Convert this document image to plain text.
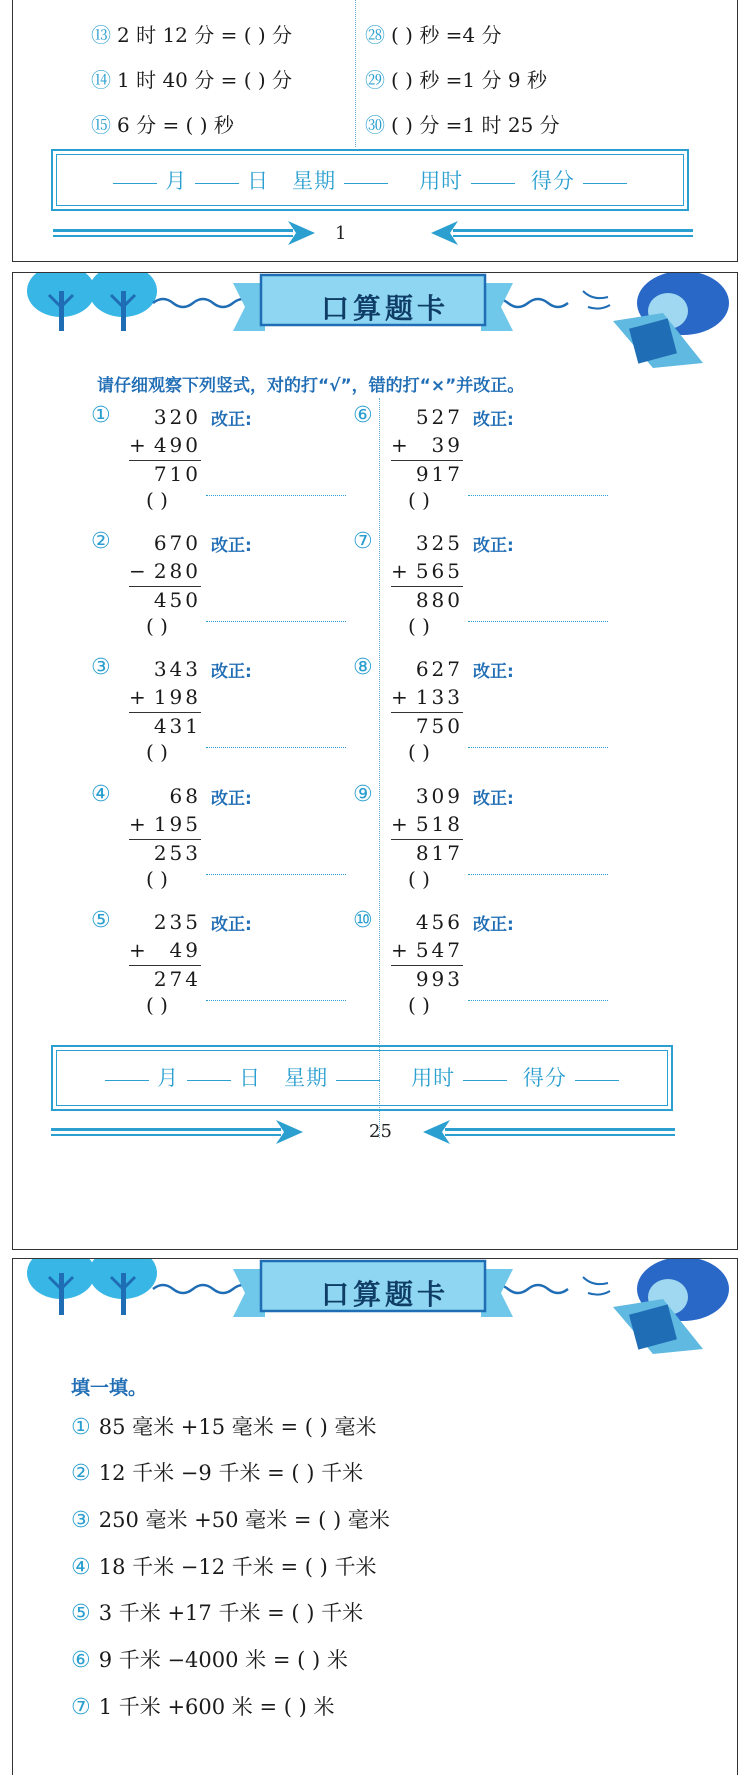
⑬ 2 时 12 分 = ( ) 分
⑭ 1 时 40 分 = ( ) 分
⑮ 6 分 = ( ) 秒
㉘ ( ) 秒 =4 分
㉙ ( ) 秒 =1 分 9 秒
㉚ ( ) 分 =1 时 25 分
月	日 星期	用时	得分
1
口算题卡
请仔细观察下列竖式，对的打“√”，错的打“×”并改正。
①	320 改正:
+ 490
710
( )
②	670 改正:
− 280
450
( )
③	343 改正:
+ 198
431
( )
④	68 改正:
+ 195
253
( )
⑤	235 改正:
+	49
274
( )
⑥	527 改正:
+	39
917
( )
⑦	325 改正:
+ 565
880
( )
⑧	627 改正:
+ 133
750
( )
⑨	309 改正:
+ 518
817
( )
⑩	456 改正:
+ 547
993
( )
月	日 星期	用时	得分
25
口算题卡
填一填。
① 85 毫米 +15 毫米 = ( ) 毫米
② 12 千米 −9 千米 = ( ) 千米
③ 250 毫米 +50 毫米 = ( ) 毫米
④ 18 千米 −12 千米 = ( ) 千米
⑤ 3 千米 +17 千米 = ( ) 千米
⑥ 9 千米 −4000 米 = ( ) 米
⑦ 1 千米 +600 米 = ( ) 米
